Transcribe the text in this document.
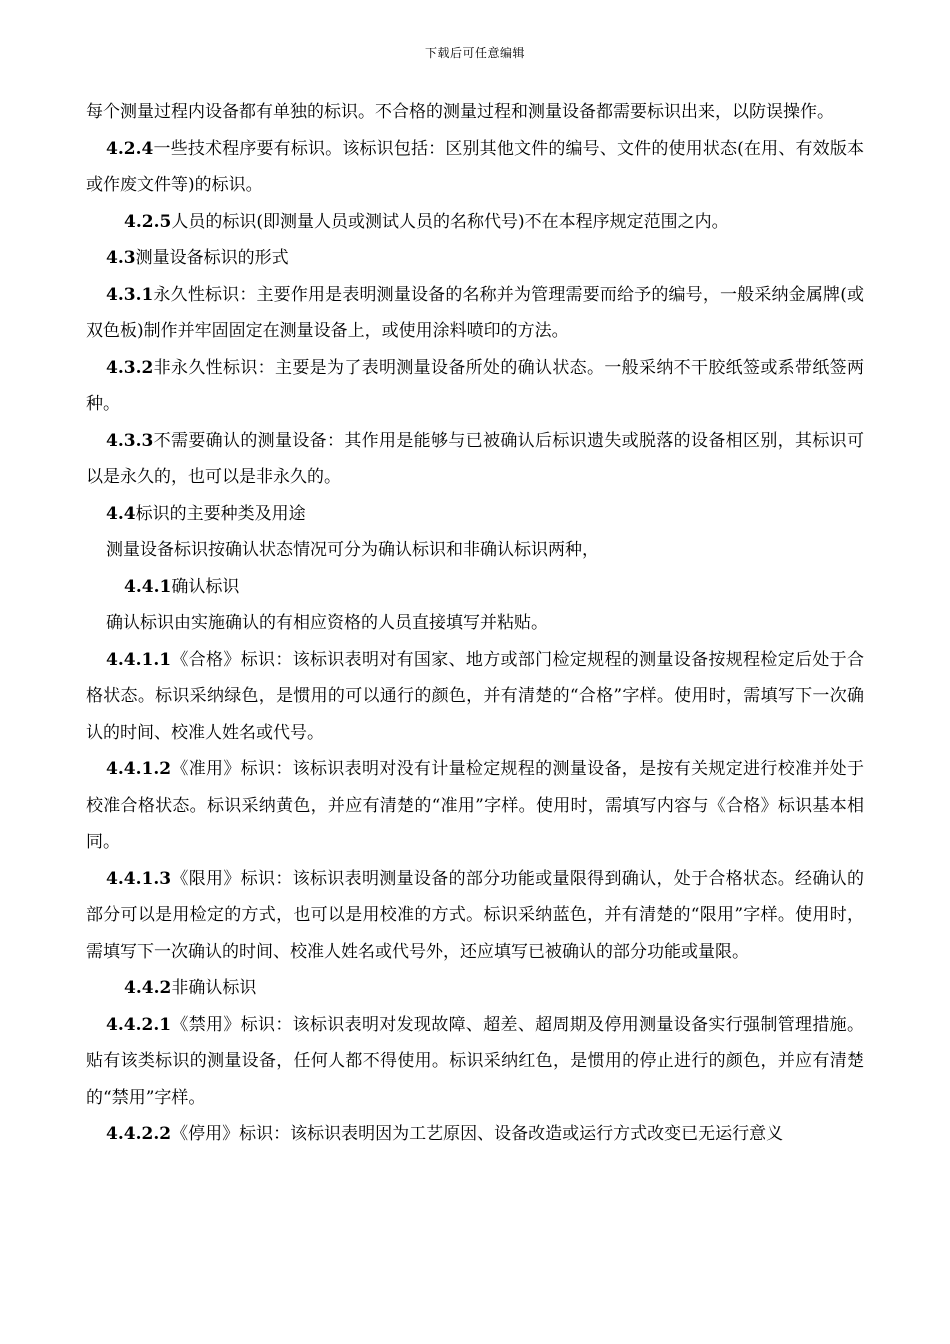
下载后可任意编辑

每个测量过程内设备都有单独的标识。不合格的测量过程和测量设备都需要标识出来，以防误操作。

4.2.4一些技术程序要有标识。该标识包括：区别其他文件的编号、文件的使用状态(在用、有效版本或作废文件等)的标识。

4.2.5人员的标识(即测量人员或测试人员的名称代号)不在本程序规定范围之内。

4.3测量设备标识的形式

4.3.1永久性标识：主要作用是表明测量设备的名称并为管理需要而给予的编号，一般采纳金属牌(或双色板)制作并牢固固定在测量设备上，或使用涂料喷印的方法。

4.3.2非永久性标识：主要是为了表明测量设备所处的确认状态。一般采纳不干胶纸签或系带纸签两种。

4.3.3不需要确认的测量设备：其作用是能够与已被确认后标识遗失或脱落的设备相区别，其标识可以是永久的，也可以是非永久的。

4.4标识的主要种类及用途

测量设备标识按确认状态情况可分为确认标识和非确认标识两种，

4.4.1确认标识

确认标识由实施确认的有相应资格的人员直接填写并粘贴。

4.4.1.1《合格》标识：该标识表明对有国家、地方或部门检定规程的测量设备按规程检定后处于合格状态。标识采纳绿色，是惯用的可以通行的颜色，并有清楚的“合格”字样。使用时，需填写下一次确认的时间、校准人姓名或代号。

4.4.1.2《准用》标识：该标识表明对没有计量检定规程的测量设备，是按有关规定进行校准并处于校准合格状态。标识采纳黄色，并应有清楚的“准用”字样。使用时，需填写内容与《合格》标识基本相同。

4.4.1.3《限用》标识：该标识表明测量设备的部分功能或量限得到确认，处于合格状态。经确认的部分可以是用检定的方式，也可以是用校准的方式。标识采纳蓝色，并有清楚的“限用”字样。使用时，需填写下一次确认的时间、校准人姓名或代号外，还应填写已被确认的部分功能或量限。

4.4.2非确认标识

4.4.2.1《禁用》标识：该标识表明对发现故障、超差、超周期及停用测量设备实行强制管理措施。贴有该类标识的测量设备，任何人都不得使用。标识采纳红色，是惯用的停止进行的颜色，并应有清楚的“禁用”字样。

4.4.2.2《停用》标识：该标识表明因为工艺原因、设备改造或运行方式改变已无运行意义
